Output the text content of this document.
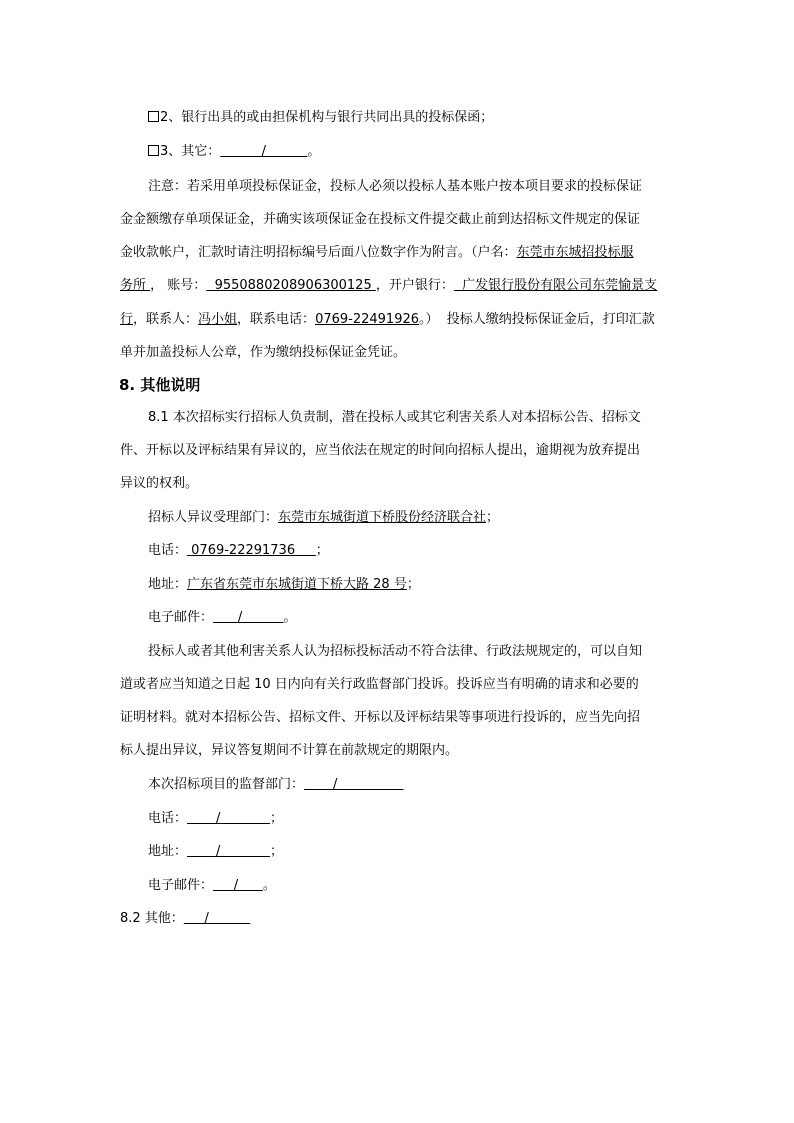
2、银行出具的或由担保机构与银行共同出具的投标保函；
3、其它：	/	。
注意：若采用单项投标保证金，投标人必须以投标人基本账户按本项目要求的投标保证
金金额缴存单项保证金，并确实该项保证金在投标文件提交截止前到达招标文件规定的保证
金收款帐户，汇款时请注明招标编号后面八位数字作为附言。（户名：东莞市东城招投标服
务所 ， 账号： 9550880208906300125 ，开户银行： 广发银行股份有限公司东莞愉景支
行，联系人：冯小姐，联系电话：0769-22491926。）  投标人缴纳投标保证金后，打印汇款
单并加盖投标人公章，作为缴纳投标保证金凭证。
8. 其他说明
8.1 本次招标实行招标人负责制，潜在投标人或其它利害关系人对本招标公告、招标文
件、开标以及评标结果有异议的，应当依法在规定的时间向招标人提出，逾期视为放弃提出
异议的权利。
招标人异议受理部门：东莞市东城街道下桥股份经济联合社；
电话： 0769-22291736 ；
地址：广东省东莞市东城街道下桥大路 28 号；
电子邮件： /	。
投标人或者其他利害关系人认为招标投标活动不符合法律、行政法规规定的，可以自知
道或者应当知道之日起 10 日内向有关行政监督部门投诉。投诉应当有明确的请求和必要的
证明材料。就对本招标公告、招标文件、开标以及评标结果等事项进行投诉的，应当先向招
标人提出异议，异议答复期间不计算在前款规定的期限内。
本次招标项目的监督部门： /
电话： /	；
地址： /	；
电子邮件： / 。
8.2 其他： /
